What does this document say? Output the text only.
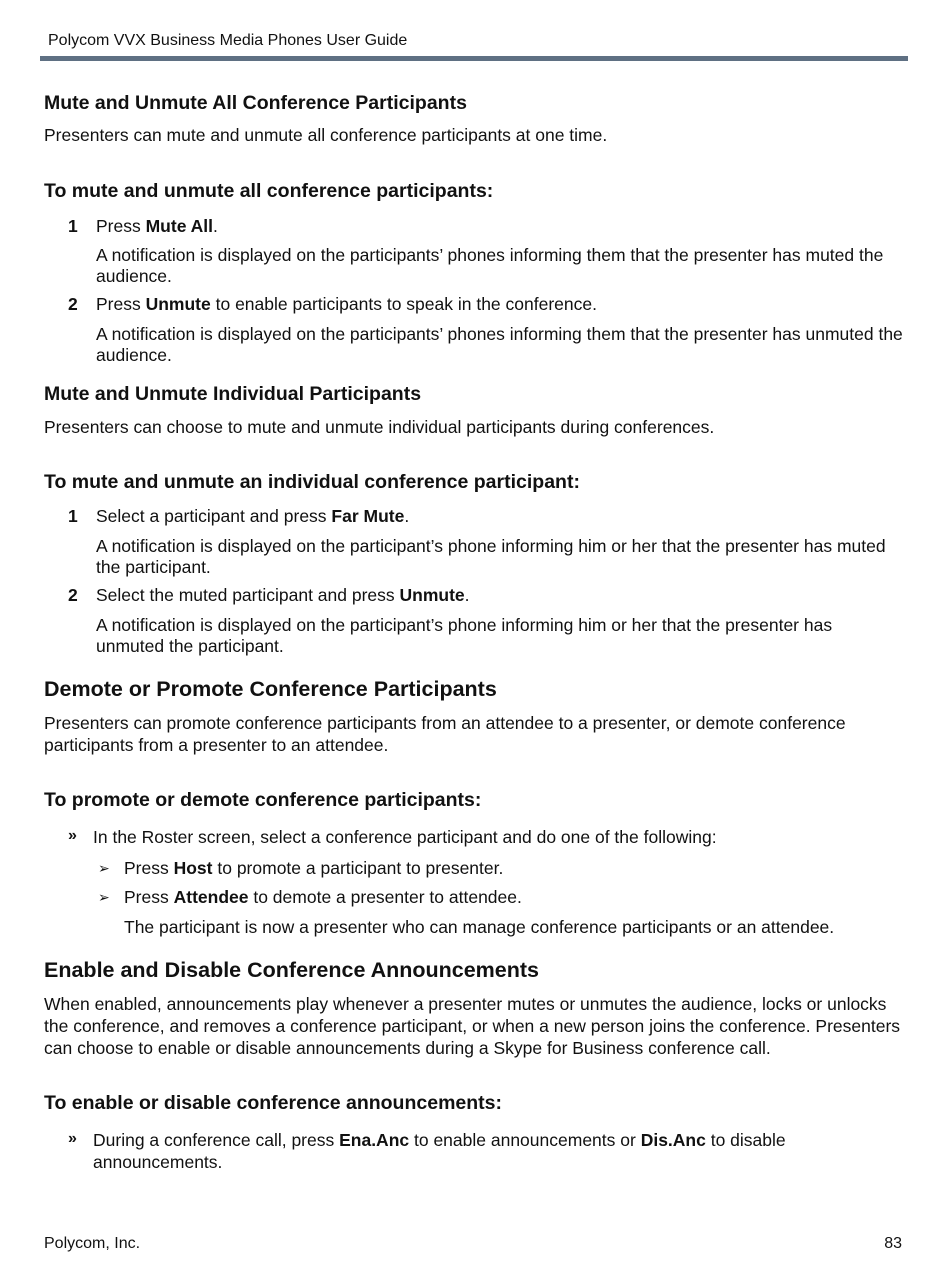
Polycom VVX Business Media Phones User Guide
Mute and Unmute All Conference Participants
Presenters can mute and unmute all conference participants at one time.
To mute and unmute all conference participants:
1 Press Mute All.
A notification is displayed on the participants’ phones informing them that the presenter has muted the audience.
2 Press Unmute to enable participants to speak in the conference.
A notification is displayed on the participants’ phones informing them that the presenter has unmuted the audience.
Mute and Unmute Individual Participants
Presenters can choose to mute and unmute individual participants during conferences.
To mute and unmute an individual conference participant:
1 Select a participant and press Far Mute.
A notification is displayed on the participant’s phone informing him or her that the presenter has muted the participant.
2 Select the muted participant and press Unmute.
A notification is displayed on the participant’s phone informing him or her that the presenter has unmuted the participant.
Demote or Promote Conference Participants
Presenters can promote conference participants from an attendee to a presenter, or demote conference participants from a presenter to an attendee.
To promote or demote conference participants:
» In the Roster screen, select a conference participant and do one of the following:
➢ Press Host to promote a participant to presenter.
➢ Press Attendee to demote a presenter to attendee.
The participant is now a presenter who can manage conference participants or an attendee.
Enable and Disable Conference Announcements
When enabled, announcements play whenever a presenter mutes or unmutes the audience, locks or unlocks the conference, and removes a conference participant, or when a new person joins the conference. Presenters can choose to enable or disable announcements during a Skype for Business conference call.
To enable or disable conference announcements:
» During a conference call, press Ena.Anc to enable announcements or Dis.Anc to disable announcements.
Polycom, Inc.	83
